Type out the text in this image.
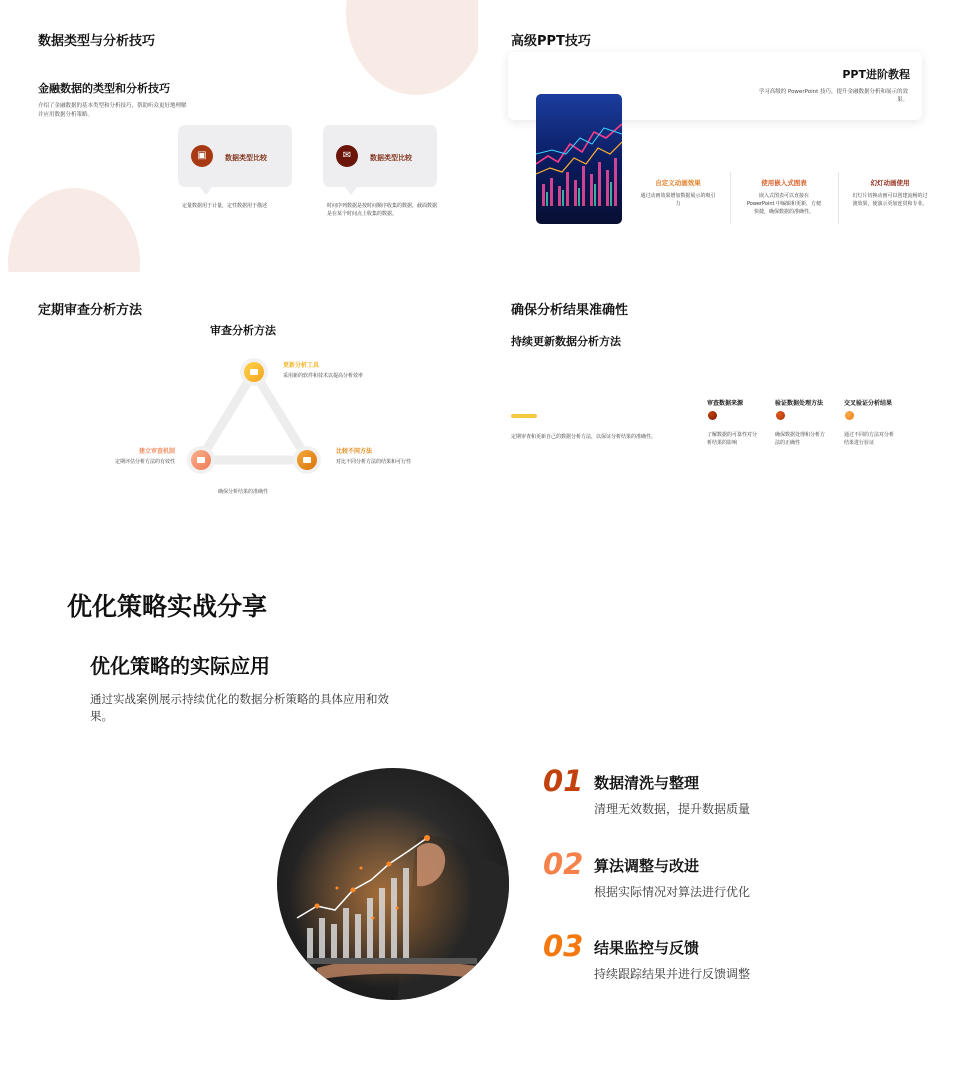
数据类型与分析技巧
金融数据的类型和分析技巧
介绍了金融数据的基本类型和分析技巧，帮助听众更好地理解并应用数据分析策略。
▣	数据类型比较
定量数据用于计量，定性数据用于描述
✉	数据类型比较
时间序列数据是按时间顺序收集的数据，截面数据是在某个时间点上收集的数据。
高级PPT技巧
PPT进阶教程
学习高级的 PowerPoint 技巧，提升金融数据分析和展示的效果。
自定义动画效果
通过动画效果增加数据展示的吸引力
使用嵌入式图表
嵌入式图表可以直接在 PowerPoint 中编辑和更新，方便快捷，确保数据的准确性。
幻灯动画使用
幻灯片切换动画可以创建流畅的过渡效果，使演示更加连贯和专业。
定期审查分析方法
审查分析方法
更新分析工具
采用新的软件和技术以提高分析效率
建立审查机制
定期评估分析方法的有效性
比较不同方法
对比不同分析方法的结果和可行性
确保分析结果的准确性
确保分析结果准确性
持续更新数据分析方法
定期审查和更新自己的数据分析方法，以保证分析结果的准确性。
审查数据来源
了解数据的可靠性对分析结果的影响
验证数据处理方法
确保数据处理和分析方法的正确性
交叉验证分析结果
通过不同的方法对分析结果进行验证
优化策略实战分享
优化策略的实际应用
通过实战案例展示持续优化的数据分析策略的具体应用和效果。
01 数据清洗与整理
清理无效数据，提升数据质量
02 算法调整与改进
根据实际情况对算法进行优化
03 结果监控与反馈
持续跟踪结果并进行反馈调整
